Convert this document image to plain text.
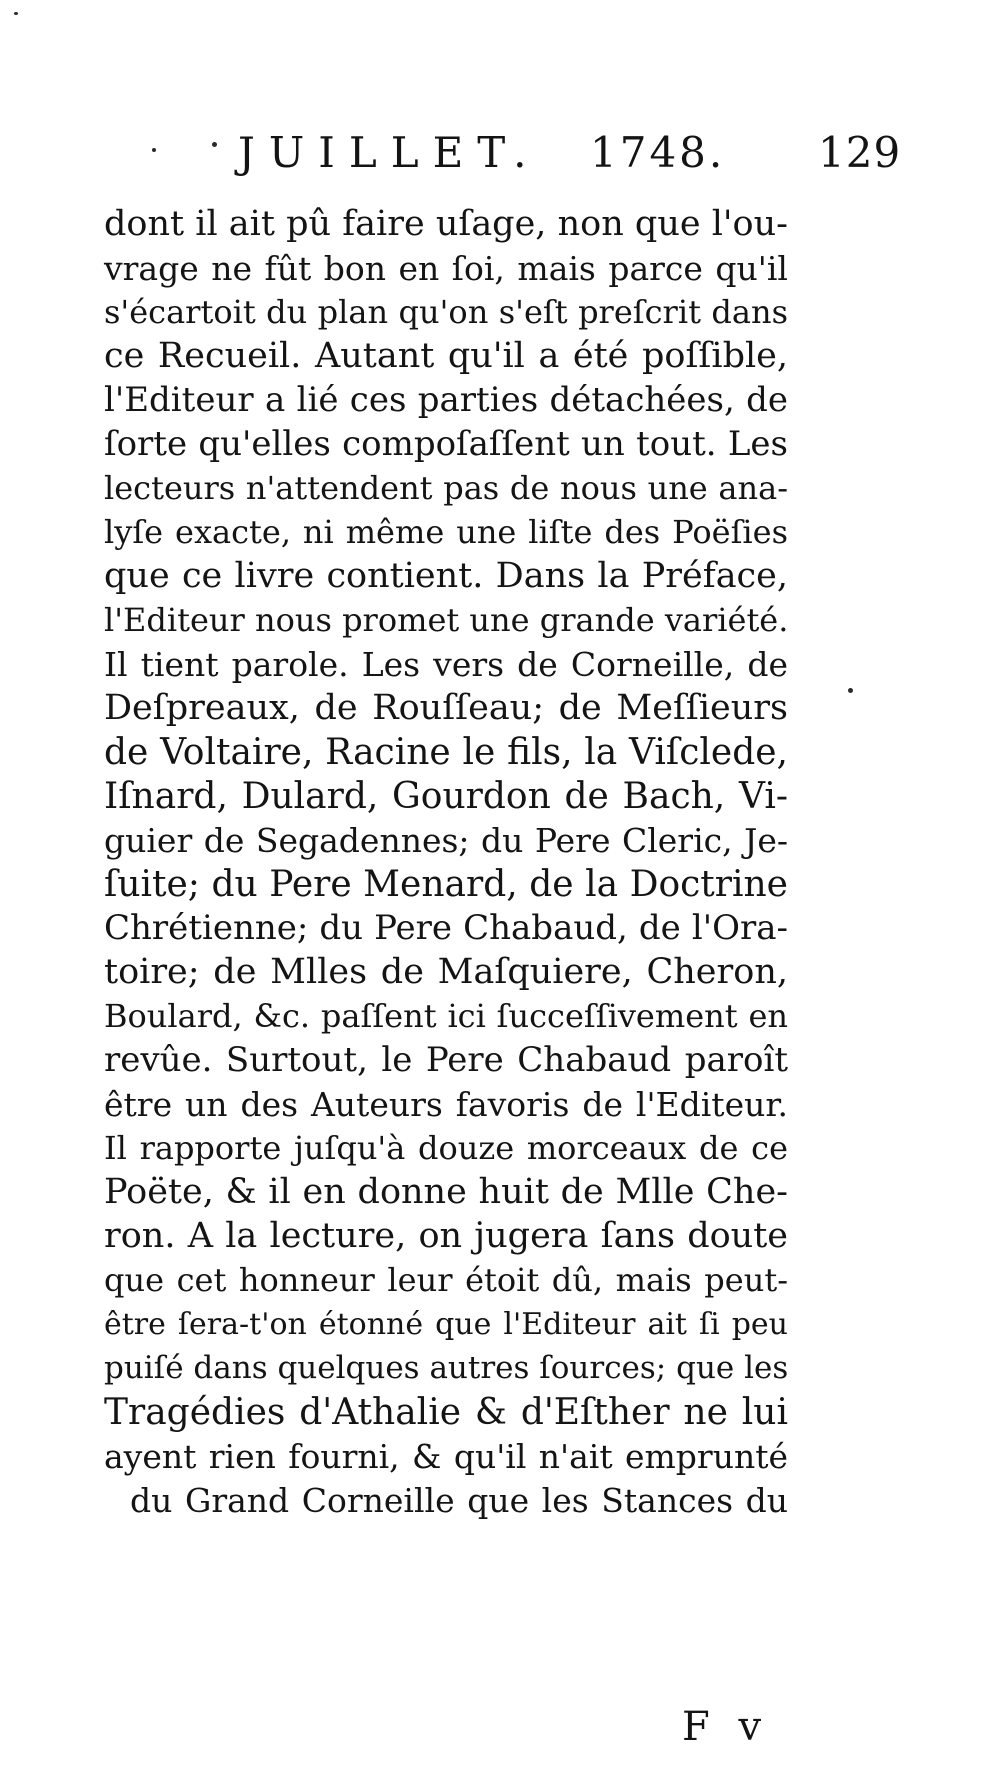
JUILLET. 1748. 129
dont il ait pû faire uſage, non que l'ou-
vrage ne fût bon en ſoi, mais parce qu'il
s'écartoit du plan qu'on s'eſt preſcrit dans
ce Recueil. Autant qu'il a été poſſible,
l'Editeur a lié ces parties détachées, de
ſorte qu'elles compoſaſſent un tout. Les
lecteurs n'attendent pas de nous une ana-
lyſe exacte, ni même une liſte des Poëſies
que ce livre contient. Dans la Préface,
l'Editeur nous promet une grande variété.
Il tient parole. Les vers de Corneille, de
Deſpreaux, de Rouſſeau; de Meſſieurs
de Voltaire, Racine le fils, la Viſclede,
Iſnard, Dulard, Gourdon de Bach, Vi-
guier de Segadennes; du Pere Cleric, Je-
ſuite; du Pere Menard, de la Doctrine
Chrétienne; du Pere Chabaud, de l'Ora-
toire; de Mlles de Maſquiere, Cheron,
Boulard, &c. paſſent ici ſucceſſivement en
revûe. Surtout, le Pere Chabaud paroît
être un des Auteurs favoris de l'Editeur.
Il rapporte juſqu'à douze morceaux de ce
Poëte, & il en donne huit de Mlle Che-
ron. A la lecture, on jugera ſans doute
que cet honneur leur étoit dû, mais peut-
être ſera-t'on étonné que l'Editeur ait ſi peu
puiſé dans quelques autres ſources; que les
Tragédies d'Athalie & d'Eſther ne lui
ayent rien fourni, & qu'il n'ait emprunté
du Grand Corneille que les Stances du
F v
